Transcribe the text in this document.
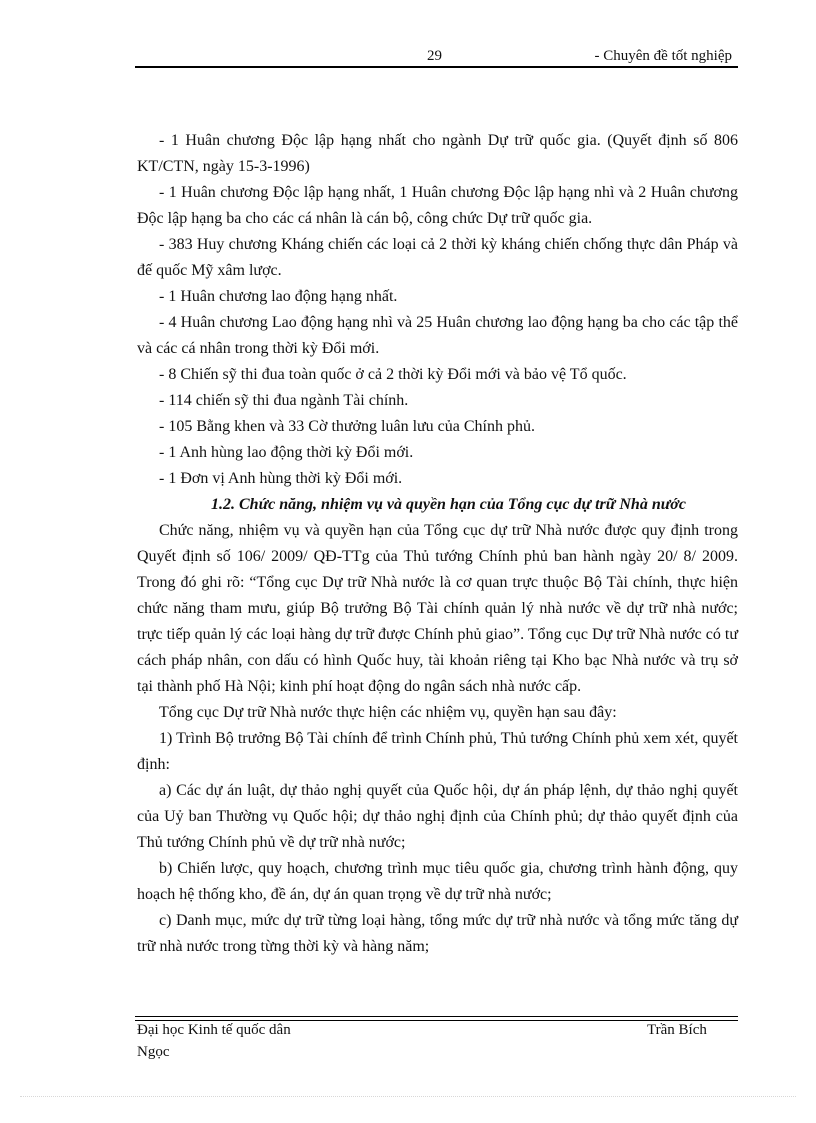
29	- Chuyên đề tốt nghiệp

- 1 Huân chương Độc lập hạng nhất cho ngành Dự trữ quốc gia. (Quyết định số 806 KT/CTN, ngày 15-3-1996)

- 1 Huân chương Độc lập hạng nhất, 1 Huân chương Độc lập hạng nhì và 2 Huân chương Độc lập hạng ba cho các cá nhân là cán bộ, công chức Dự trữ quốc gia.

- 383 Huy chương Kháng chiến các loại cả 2 thời kỳ kháng chiến chống thực dân Pháp và đế quốc Mỹ xâm lược.

- 1 Huân chương lao động hạng nhất.

- 4 Huân chương Lao động hạng nhì và 25 Huân chương lao động hạng ba cho các tập thể và các cá nhân trong thời kỳ Đổi mới.

- 8 Chiến sỹ thi đua toàn quốc ở cả 2 thời kỳ Đổi mới và bảo vệ Tổ quốc.

- 114 chiến sỹ thi đua ngành Tài chính.

- 105 Bằng khen và 33 Cờ thưởng luân lưu của Chính phủ.

- 1 Anh hùng lao động thời kỳ Đổi mới.

- 1 Đơn vị Anh hùng thời kỳ Đổi mới.

1.2. Chức năng, nhiệm vụ và quyền hạn của Tổng cục dự trữ Nhà nước

Chức năng, nhiệm vụ và quyền hạn của Tổng cục dự trữ Nhà nước được quy định trong Quyết định số 106/ 2009/ QĐ-TTg của Thủ tướng Chính phủ ban hành ngày 20/ 8/ 2009. Trong đó ghi rõ: “Tổng cục Dự trữ Nhà nước là cơ quan trực thuộc Bộ Tài chính, thực hiện chức năng tham mưu, giúp Bộ trưởng Bộ Tài chính quản lý nhà nước về dự trữ nhà nước; trực tiếp quản lý các loại hàng dự trữ được Chính phủ giao”. Tổng cục Dự trữ Nhà nước có tư cách pháp nhân, con dấu có hình Quốc huy, tài khoản riêng tại Kho bạc Nhà nước và trụ sở tại thành phố Hà Nội; kinh phí hoạt động do ngân sách nhà nước cấp.

Tổng cục Dự trữ Nhà nước thực hiện các nhiệm vụ, quyền hạn sau đây:

1) Trình Bộ trưởng Bộ Tài chính để trình Chính phủ, Thủ tướng Chính phủ xem xét, quyết định:

a) Các dự án luật, dự thảo nghị quyết của Quốc hội, dự án pháp lệnh, dự thảo nghị quyết của Uỷ ban Thường vụ Quốc hội; dự thảo nghị định của Chính phủ; dự thảo quyết định của Thủ tướng Chính phủ về dự trữ nhà nước;

b) Chiến lược, quy hoạch, chương trình mục tiêu quốc gia, chương trình hành động, quy hoạch hệ thống kho, đề án, dự án quan trọng về dự trữ nhà nước;

c) Danh mục, mức dự trữ từng loại hàng, tổng mức dự trữ nhà nước và tổng mức tăng dự trữ nhà nước trong từng thời kỳ và hàng năm;

Đại học Kinh tế quốc dân	Trần Bích
Ngọc
